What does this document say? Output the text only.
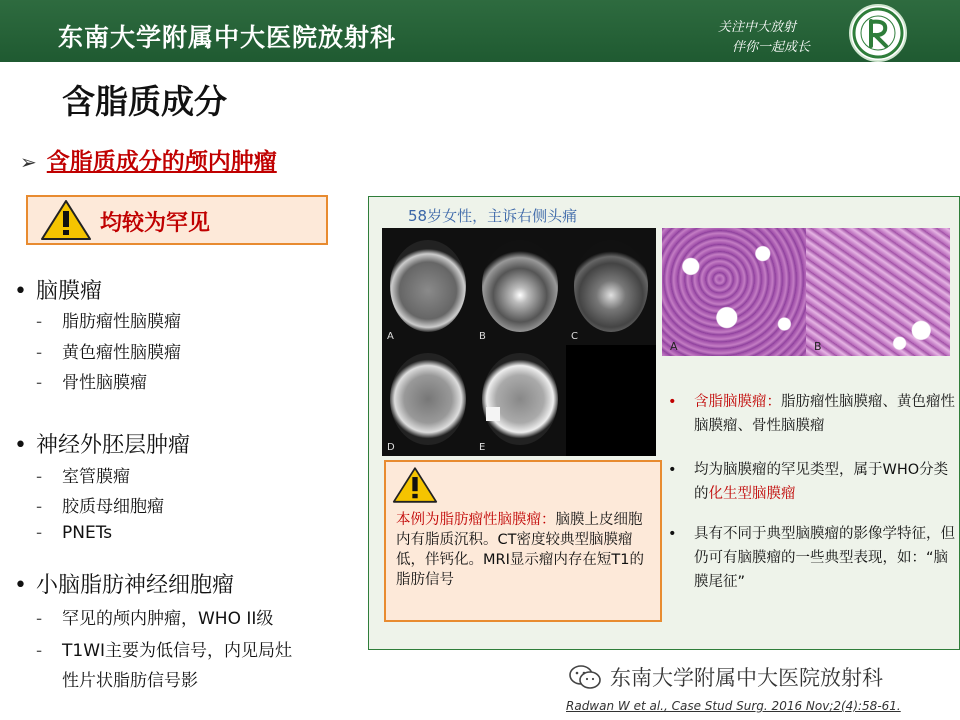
东南大学附属中大医院放射科	关注中大放射
伴你一起成长
含脂质成分
➢ 含脂质成分的颅内肿瘤
均较为罕见
• 脑膜瘤
- 脂肪瘤性脑膜瘤
- 黄色瘤性脑膜瘤
- 骨性脑膜瘤
• 神经外胚层肿瘤
- 室管膜瘤
- 胶质母细胞瘤
- PNETs
• 小脑脂肪神经细胞瘤
- 罕见的颅内肿瘤，WHO II级
- T1WI主要为低信号，内见局灶
性片状脂肪信号影
58岁女性，主诉右侧头痛
A	B	C
D	E
A	B
本例为脂肪瘤性脑膜瘤：脑膜上皮细胞内有脂质沉积。CT密度较典型脑膜瘤低，伴钙化。MRI显示瘤内存在短T1的脂肪信号
• 含脂脑膜瘤：脂肪瘤性脑膜瘤、黄色瘤性脑膜瘤、骨性脑膜瘤
• 均为脑膜瘤的罕见类型，属于WHO分类的化生型脑膜瘤
• 具有不同于典型脑膜瘤的影像学特征，但仍可有脑膜瘤的一些典型表现，如：“脑膜尾征”
东南大学附属中大医院放射科
Radwan W et al., Case Stud Surg. 2016 Nov;2(4):58-61.
